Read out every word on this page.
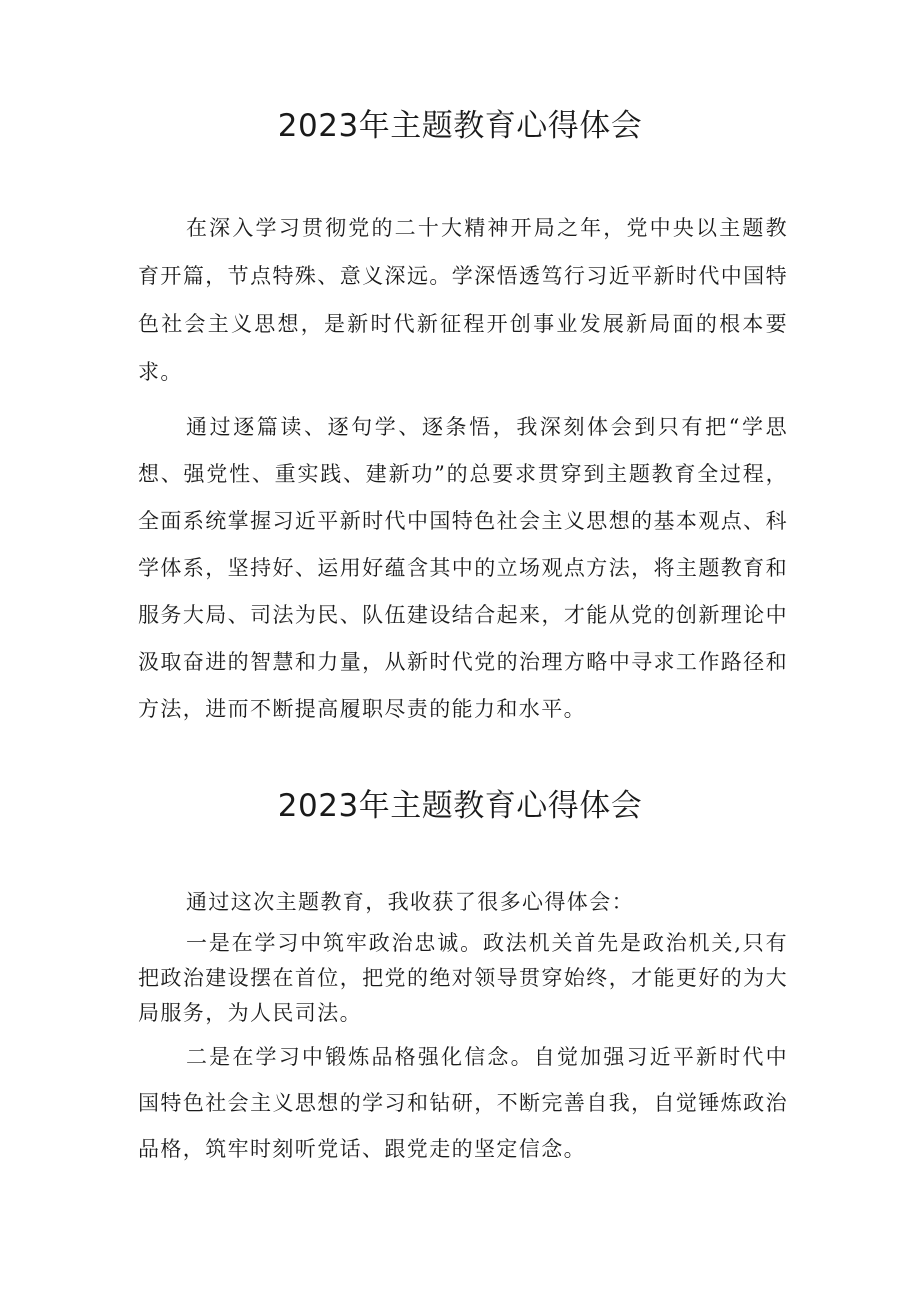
2023年主题教育心得体会

在深入学习贯彻党的二十大精神开局之年，党中央以主题教育开篇，节点特殊、意义深远。学深悟透笃行习近平新时代中国特色社会主义思想，是新时代新征程开创事业发展新局面的根本要求。

通过逐篇读、逐句学、逐条悟，我深刻体会到只有把“学思想、强党性、重实践、建新功”的总要求贯穿到主题教育全过程，全面系统掌握习近平新时代中国特色社会主义思想的基本观点、科学体系，坚持好、运用好蕴含其中的立场观点方法，将主题教育和服务大局、司法为民、队伍建设结合起来，才能从党的创新理论中汲取奋进的智慧和力量，从新时代党的治理方略中寻求工作路径和方法，进而不断提高履职尽责的能力和水平。

2023年主题教育心得体会

通过这次主题教育，我收获了很多心得体会：

一是在学习中筑牢政治忠诚。政法机关首先是政治机关,只有把政治建设摆在首位，把党的绝对领导贯穿始终，才能更好的为大局服务，为人民司法。

二是在学习中锻炼品格强化信念。自觉加强习近平新时代中国特色社会主义思想的学习和钻研，不断完善自我，自觉锤炼政治品格，筑牢时刻听党话、跟党走的坚定信念。
